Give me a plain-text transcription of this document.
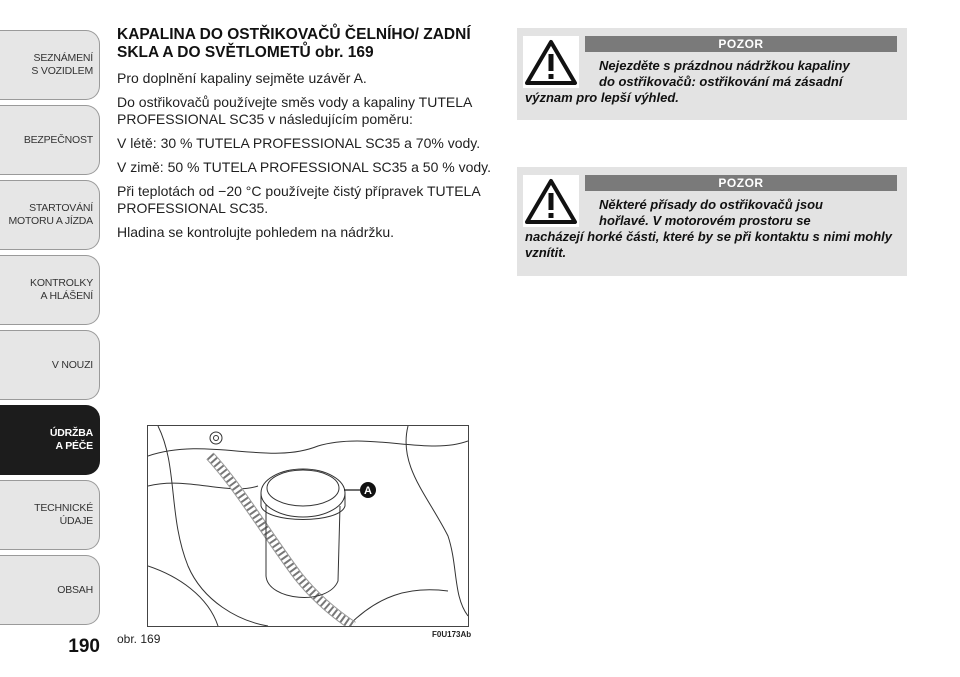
SEZNÁMENÍ
S VOZIDLEM
BEZPEČNOST
STARTOVÁNÍ
MOTORU A JÍZDA
KONTROLKY
A HLÁŠENÍ
V NOUZI
ÚDRŽBA
A PÉČE
TECHNICKÉ
ÚDAJE
OBSAH
190
KAPALINA DO OSTŘIKOVAČŮ ČELNÍHO/ ZADNÍ SKLA A DO SVĚTLOMETŮ obr. 169

Pro doplnění kapaliny sejměte uzávěr A.

Do ostřikovačů používejte směs vody a kapaliny TUTELA PROFESSIONAL SC35 v následujícím poměru:

V létě: 30 % TUTELA PROFESSIONAL SC35 a 70% vody.

V zimě: 50 % TUTELA PROFESSIONAL SC35 a 50 % vody.

Při teplotách od −20 °C používejte čistý přípravek TUTELA PROFESSIONAL SC35.

Hladina se kontrolujte pohledem na nádržku.

POZOR
Nejezděte s prázdnou nádržkou kapaliny
do ostřikovačů: ostřikování má zásadní
význam pro lepší výhled.
POZOR
Některé přísady do ostřikovačů jsou
hořlavé. V motorovém prostoru se
nacházejí horké části, které by se při kontaktu s nimi mohly vznítit.
A
obr. 169	F0U173Ab
